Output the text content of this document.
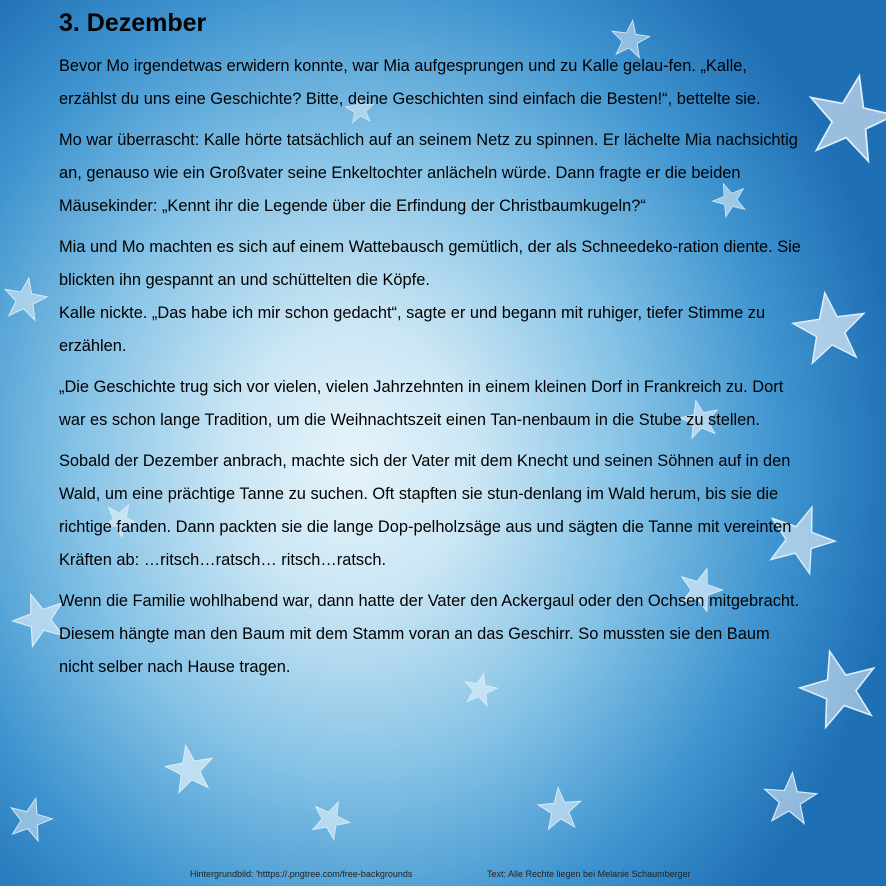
3. Dezember

Bevor Mo irgendetwas erwidern konnte, war Mia aufgesprungen und zu Kalle gelau-fen. „Kalle, erzählst du uns eine Geschichte? Bitte, deine Geschichten sind einfach die Besten!“, bettelte sie.

Mo war überrascht: Kalle hörte tatsächlich auf an seinem Netz zu spinnen. Er lächelte Mia nachsichtig an, genauso wie ein Großvater seine Enkeltochter anlächeln würde. Dann fragte er die beiden Mäusekinder: „Kennt ihr die Legende über die Erfindung der Christbaumkugeln?“

Mia und Mo machten es sich auf einem Wattebausch gemütlich, der als Schneedeko-ration diente. Sie blickten ihn gespannt an und schüttelten die Köpfe.

Kalle nickte. „Das habe ich mir schon gedacht“, sagte er und begann mit ruhiger, tiefer Stimme zu erzählen.

„Die Geschichte trug sich vor vielen, vielen Jahrzehnten in einem kleinen Dorf in Frankreich zu. Dort war es schon lange Tradition, um die Weihnachtszeit einen Tan-nenbaum in die Stube zu stellen.

Sobald der Dezember anbrach, machte sich der Vater mit dem Knecht und seinen Söhnen auf in den Wald, um eine prächtige Tanne zu suchen. Oft stapften sie stun-denlang im Wald herum, bis sie die richtige fanden. Dann packten sie die lange Dop-pelholzsäge aus und sägten die Tanne mit vereinten Kräften ab: …ritsch…ratsch… ritsch…ratsch.

Wenn die Familie wohlhabend war, dann hatte der Vater den Ackergaul oder den Ochsen mitgebracht. Diesem hängte man den Baum mit dem Stamm voran an das Geschirr. So mussten sie den Baum nicht selber nach Hause tragen.

Hintergrundbild: 'htttps://.pngtree.com/free-backgrounds	Text: Alle Rechte liegen bei Melanie Schaumberger
